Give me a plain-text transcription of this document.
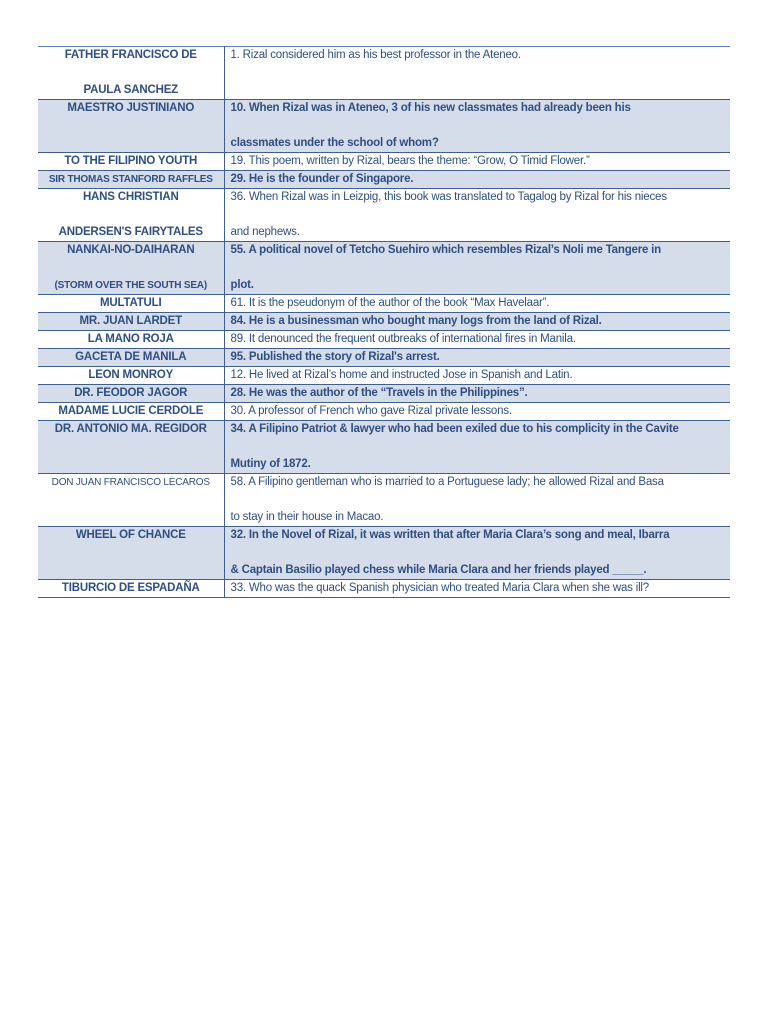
FATHER FRANCISCO DE
PAULA SANCHEZ	1. Rizal considered him as his best professor in the Ateneo.

MAESTRO JUSTINIANO	10. When Rizal was in Ateneo, 3 of his new classmates had already been his
classmates under the school of whom?

TO THE FILIPINO YOUTH	19. This poem, written by Rizal, bears the theme: “Grow, O Timid Flower.”

SIR THOMAS STANFORD RAFFLES	29. He is the founder of Singapore.

HANS CHRISTIAN
ANDERSEN'S FAIRYTALES	36. When Rizal was in Leizpig, this book was translated to Tagalog by Rizal for his nieces
and nephews.

NANKAI-NO-DAIHARAN
(STORM OVER THE SOUTH SEA)	55. A political novel of Tetcho Suehiro which resembles Rizal’s Noli me Tangere in
plot.

MULTATULI	61. It is the pseudonym of the author of the book “Max Havelaar”.

MR. JUAN LARDET	84. He is a businessman who bought many logs from the land of Rizal.

LA MANO ROJA	89. It denounced the frequent outbreaks of international fires in Manila.

GACETA DE MANILA	95. Published the story of Rizal's arrest.

LEON MONROY	12. He lived at Rizal’s home and instructed Jose in Spanish and Latin.

DR. FEODOR JAGOR	28. He was the author of the “Travels in the Philippines”.

MADAME LUCIE CERDOLE	30. A professor of French who gave Rizal private lessons.

DR. ANTONIO MA. REGIDOR	34. A Filipino Patriot & lawyer who had been exiled due to his complicity in the Cavite
Mutiny of 1872.

DON JUAN FRANCISCO LECAROS	58. A Filipino gentleman who is married to a Portuguese lady; he allowed Rizal and Basa
to stay in their house in Macao.

WHEEL OF CHANCE	32. In the Novel of Rizal, it was written that after Maria Clara’s song and meal, Ibarra
& Captain Basilio played chess while Maria Clara and her friends played _____.

TIBURCIO DE ESPADAÑA	33. Who was the quack Spanish physician who treated Maria Clara when she was ill?
